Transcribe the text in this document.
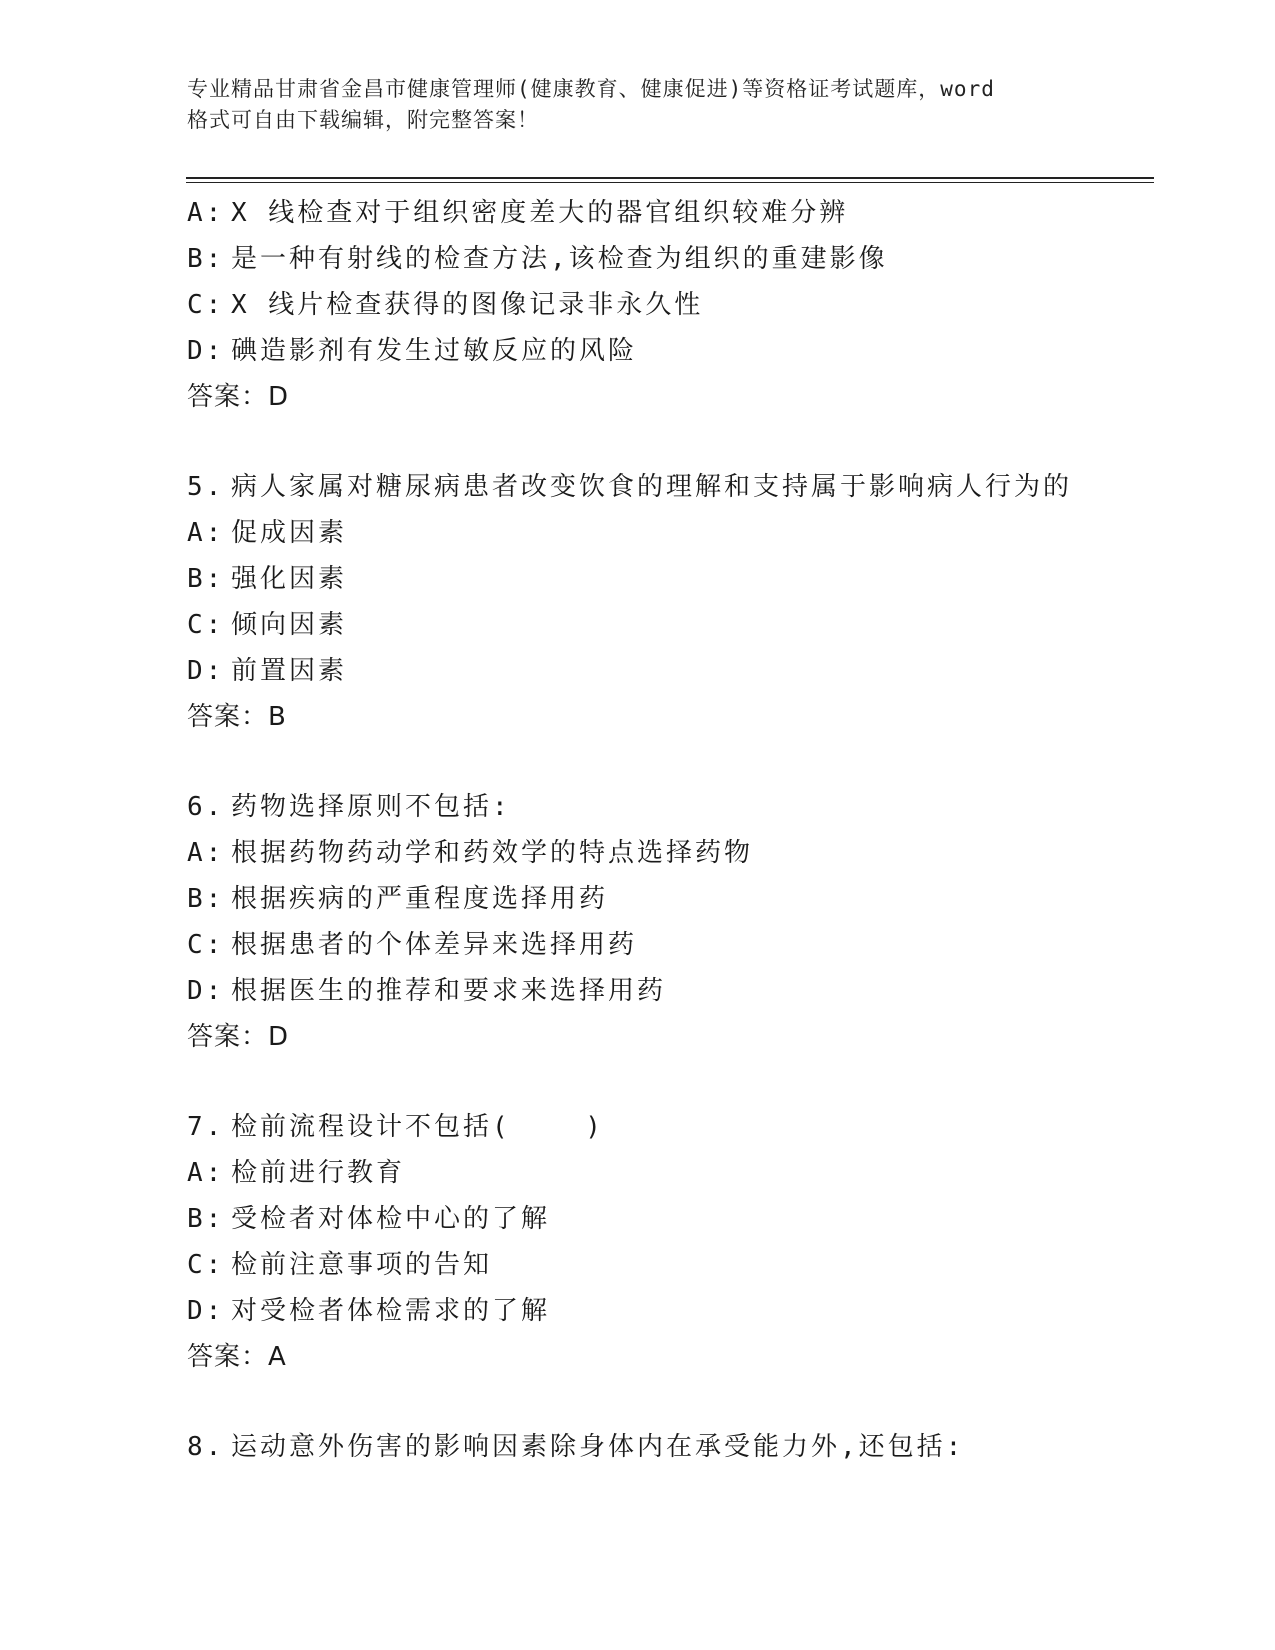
专业精品甘肃省金昌市健康管理师(健康教育、健康促进)等资格证考试题库，word
格式可自由下载编辑，附完整答案！
A: X 线检查对于组织密度差大的器官组织较难分辨
B: 是一种有射线的检查方法,该检查为组织的重建影像
C: X 线片检查获得的图像记录非永久性
D: 碘造影剂有发生过敏反应的风险
答案：D
5. 病人家属对糖尿病患者改变饮食的理解和支持属于影响病人行为的
A: 促成因素
B: 强化因素
C: 倾向因素
D: 前置因素
答案：B
6. 药物选择原则不包括:
A: 根据药物药动学和药效学的特点选择药物
B: 根据疾病的严重程度选择用药
C: 根据患者的个体差异来选择用药
D: 根据医生的推荐和要求来选择用药
答案：D
7. 检前流程设计不包括(    )
A: 检前进行教育
B: 受检者对体检中心的了解
C: 检前注意事项的告知
D: 对受检者体检需求的了解
答案：A
8. 运动意外伤害的影响因素除身体内在承受能力外,还包括:
